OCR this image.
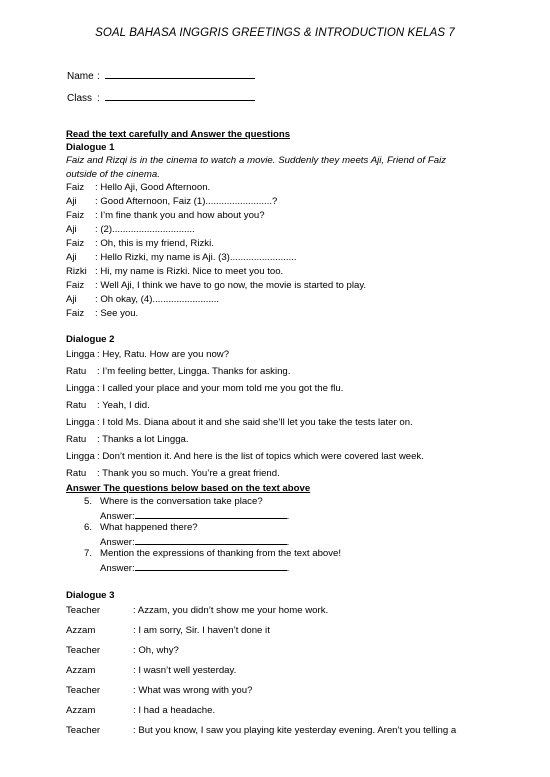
SOAL BAHASA INGGRIS GREETINGS & INTRODUCTION KELAS 7
Name :
Class :
Read the text carefully and Answer the questions
Dialogue 1
Faiz and Rizqi is in the cinema to watch a movie. Suddenly they meets Aji, Friend of Faiz outside of the cinema.
Faiz : Hello Aji, Good Afternoon.
Aji : Good Afternoon, Faiz (1).........................?
Faiz : I’m fine thank you and how about you?
Aji : (2)...............................
Faiz : Oh, this is my friend, Rizki.
Aji : Hello Rizki, my name is Aji. (3).........................
Rizki : Hi, my name is Rizki. Nice to meet you too.
Faiz : Well Aji, I think we have to go now, the movie is started to play.
Aji : Oh okay, (4).........................
Faiz : See you.
Dialogue 2
Lingga : Hey, Ratu. How are you now?
Ratu : I’m feeling better, Lingga. Thanks for asking.
Lingga : I called your place and your mom told me you got the flu.
Ratu : Yeah, I did.
Lingga : I told Ms. Diana about it and she said she’ll let you take the tests later on.
Ratu : Thanks a lot Lingga.
Lingga : Don’t mention it. And here is the list of topics which were covered last week.
Ratu : Thank you so much. You’re a great friend.
Answer The questions below based on the text above
5. Where is the conversation take place?
Answer:	.
6. What happened there?
Answer:	.
7. Mention the expressions of thanking from the text above!
Answer:	.
Dialogue 3
Teacher	: Azzam, you didn’t show me your home work.
Azzam	: I am sorry, Sir. I haven’t done it
Teacher	: Oh, why?
Azzam	: I wasn’t well yesterday.
Teacher	: What was wrong with you?
Azzam	: I had a headache.
Teacher	: But you know, I saw you playing kite yesterday evening. Aren’t you telling a
